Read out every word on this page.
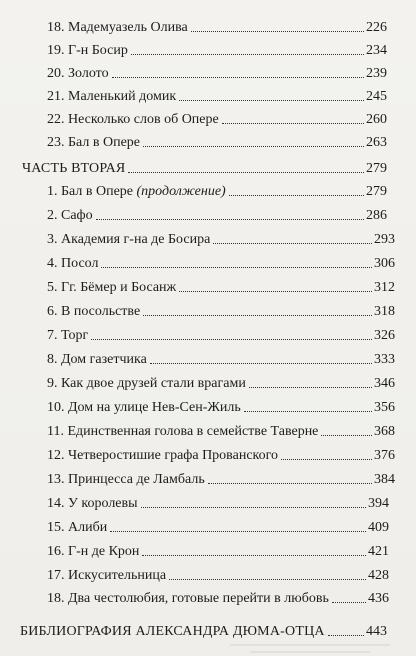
18. Мадемуазель Олива	226
19. Г-н Босир	234
20. Золото	239
21. Маленький домик	245
22. Несколько слов об Опере	260
23. Бал в Опере	263
ЧАСТЬ ВТОРАЯ	279
1. Бал в Опере (продолжение)	279
2. Сафо	286
3. Академия г-на де Босира	293
4. Посол	306
5. Гг. Бёмер и Босанж	312
6. В посольстве	318
7. Торг	326
8. Дом газетчика	333
9. Как двое друзей стали врагами	346
10. Дом на улице Нев-Сен-Жиль	356
11. Единственная голова в семействе Таверне	368
12. Четверостишие графа Прованского	376
13. Принцесса де Ламбаль	384
14. У королевы	394
15. Алиби	409
16. Г-н де Крон	421
17. Искусительница	428
18. Два честолюбия, готовые перейти в любовь	436
БИБЛИОГРАФИЯ АЛЕКСАНДРА ДЮМА-ОТЦА	443
